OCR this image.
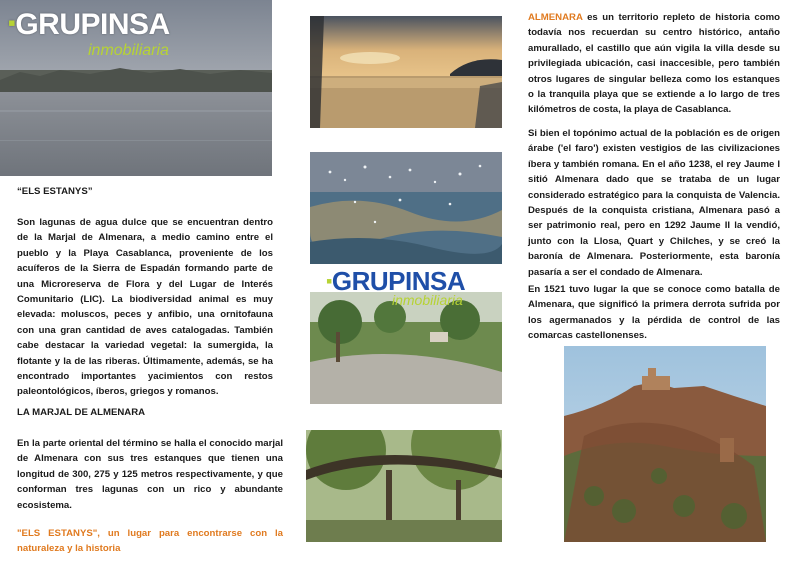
▪GRUPINSA
inmobiliaria

“ELS ESTANYS”

Son lagunas de agua dulce que se encuentran dentro de la Marjal de Almenara, a medio camino entre el pueblo y la Playa Casablanca, proveniente de los acuíferos de la Sierra de Espadán formando parte de una Microreserva de Flora y del Lugar de Interés Comunitario (LIC). La biodiversidad animal es muy elevada: moluscos, peces y anfibio, una ornitofauna con una gran cantidad de aves catalogadas. También cabe destacar la variedad vegetal: la sumergida, la flotante y la de las riberas. Últimamente, además, se ha encontrado importantes yacimientos con restos paleontológicos, íberos, griegos y romanos.

LA MARJAL DE ALMENARA

En la parte oriental del término se halla el conocido marjal de Almenara con sus tres estanques que tienen una longitud de 300, 275 y 125 metros respectivamente, y que conforman tres lagunas con un rico y abundante ecosistema.

"ELS ESTANYS", un lugar para encontrarse con la naturaleza y la historia

▪GRUPINSA
inmobiliaria

ALMENARA es un territorio repleto de historia como todavía nos recuerdan su centro histórico, antaño amurallado, el castillo que aún vigila la villa desde su privilegiada ubicación, casi inaccesible, pero también otros lugares de singular belleza como los estanques o la tranquila playa que se extiende a lo largo de tres kilómetros de costa, la playa de Casablanca.

Si bien el topónimo actual de la población es de origen árabe ('el faro') existen vestigios de las civilizaciones íbera y también romana. En el año 1238, el rey Jaume I sitió Almenara dado que se trataba de un lugar considerado estratégico para la conquista de Valencia. Después de la conquista cristiana, Almenara pasó a ser patrimonio real, pero en 1292 Jaume II la vendió, junto con la Llosa, Quart y Chilches, y se creó la baronía de Almenara. Posteriormente, esta baronía pasaría a ser el condado de Almenara.

En 1521 tuvo lugar la que se conoce como batalla de Almenara, que significó la primera derrota sufrida por los agermanados y la pérdida de control de las comarcas castellonenses.
